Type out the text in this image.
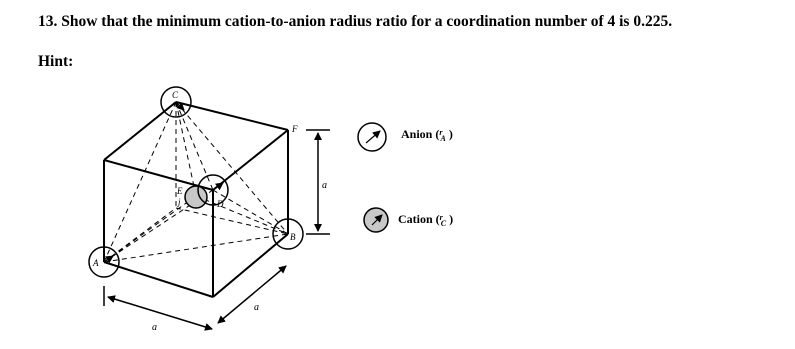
13. Show that the minimum cation-to-anion radius ratio for a coordination number of 4 is 0.225.
Hint:
E
j
C
D
B
A
F
a
a
a
Anion ($^r$ A )
Cation ($^r$ C )
